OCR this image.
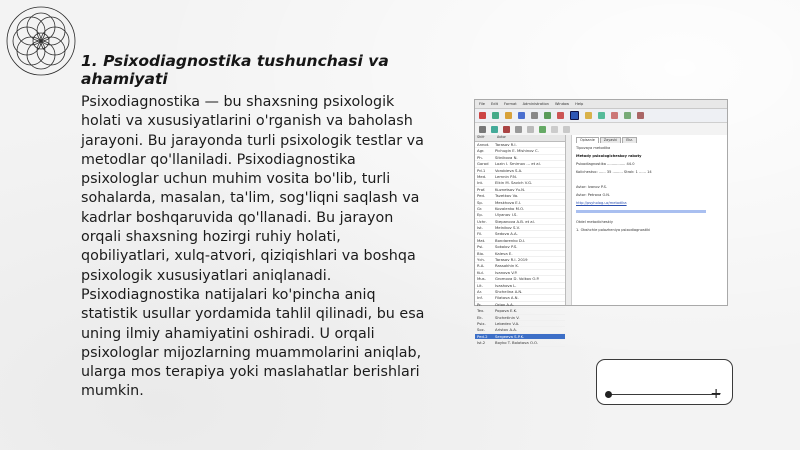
1. Psixodiagnostika tushunchasi va ahamiyati

Psixodiagnostika — bu shaxsning psixologik holati va xususiyatlarini o'rganish va baholash jarayoni. Bu jarayonda turli psixologik testlar va metodlar qo'llaniladi. Psixodiagnostika psixologlar uchun muhim vosita bo'lib, turli sohalarda, masalan, ta'lim, sog'liqni saqlash va kadrlar boshqaruvida qo'llanadi. Bu jarayon orqali shaxsning hozirgi ruhiy holati, qobiliyatlari, xulq-atvori, qiziqishlari va boshqa psixologik xususiyatlari aniqlanadi. Psixodiagnostika natijalari ko'pincha aniq statistik usullar yordamida tahlil qilinadi, bu esa uning ilmiy ahamiyatini oshiradi. U orqali psixologlar mijozlarning muammolarini aniqlab, ularga mos terapiya yoki maslahatlar berishlari mumkin.

File Edit Format Administration Window Help
Shifr	Avtor
Annot.	Tarasov R.I.
Agr.	Pichugin E. Mishinov C.
Ph.	Sitnikova N.
Gorod	Lozin I. Smirnov ... et al.
Pd.1	Vorobieva S.A.
Med.	Lemnin P.N.
Int.	Elkin M. Savich V.G.
Prof.	Kuznetsov Yu.N.
Ped.	Tsvetkov Vo.
Sp.	Meskhova E.I.
Gr.	Kovalenko M.O.
Ep.	Ulyanov I.S.
Uchr.	Stepanova A.B. et al.
Ist.	Melnikov S.V.
Fil.	Sedova A.A.
Mat.	Bondarenko D.I.
Psi.	Sokolov P.S.
Bio.	Kaleva E.
Ych.	Tarasov R.I. 2019
R.A.	Rassokhin K.
Kul.	Ivanova V.P.
Mus.	Gromova D. Volkov O.P.
Lit.	Ivashova L.
Ar.	Shchelina A.N.
Inf.	Filatova A.N.
Pr.	Orlov A.A.
Tex.	Popova E.K.
Ek.	Shchetinin V.
Psix.	Lebedev V.A.
Soc.	Aristov A.A.
Ped.2	Sergeeva S.P.K.
Ist.2	Boyko T. Bolotova O.O.
Opisanie	Zayavki	Ekz.
Tipovaya metodika
Metody psixologicheskoy raboty
Psixodiagnostika ................ 44.0
Kolichestvo: ...... 35 ......... Strok: 1 ...... 14
Avtor: Ivanov P.S.
Avtor: Petrova O.N.
http://psyholog.uz/metodika
Otdel metodicheskiy
1. Obshchie polozheniya psixodiagnostiki
+
